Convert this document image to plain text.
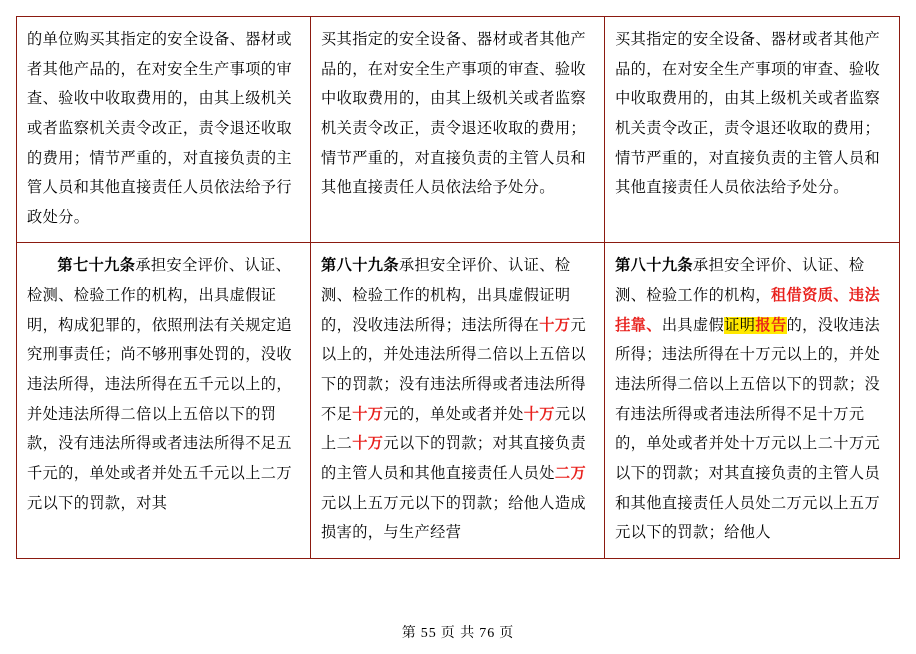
的单位购买其指定的安全设备、器材或者其他产品的，在对安全生产事项的审查、验收中收取费用的，由其上级机关或者监察机关责令改正，责令退还收取的费用；情节严重的，对直接负责的主管人员和其他直接责任人员依法给予行政处分。	买其指定的安全设备、器材或者其他产品的，在对安全生产事项的审查、验收中收取费用的，由其上级机关或者监察机关责令改正，责令退还收取的费用；情节严重的，对直接负责的主管人员和其他直接责任人员依法给予处分。	买其指定的安全设备、器材或者其他产品的，在对安全生产事项的审查、验收中收取费用的，由其上级机关或者监察机关责令改正，责令退还收取的费用；情节严重的，对直接负责的主管人员和其他直接责任人员依法给予处分。

第七十九条承担安全评价、认证、检测、检验工作的机构，出具虚假证明，构成犯罪的，依照刑法有关规定追究刑事责任；尚不够刑事处罚的，没收违法所得，违法所得在五千元以上的，并处违法所得二倍以上五倍以下的罚款，没有违法所得或者违法所得不足五千元的，单处或者并处五千元以上二万元以下的罚款，对其	第八十九条承担安全评价、认证、检测、检验工作的机构，出具虚假证明的，没收违法所得；违法所得在十万元以上的，并处违法所得二倍以上五倍以下的罚款；没有违法所得或者违法所得不足十万元的，单处或者并处十万元以上二十万元以下的罚款；对其直接负责的主管人员和其他直接责任人员处二万元以上五万元以下的罚款；给他人造成损害的，与生产经营	第八十九条承担安全评价、认证、检测、检验工作的机构，租借资质、违法挂靠、出具虚假证明报告的，没收违法所得；违法所得在十万元以上的，并处违法所得二倍以上五倍以下的罚款；没有违法所得或者违法所得不足十万元的，单处或者并处十万元以上二十万元以下的罚款；对其直接负责的主管人员和其他直接责任人员处二万元以上五万元以下的罚款；给他人
第 55 页 共 76 页
